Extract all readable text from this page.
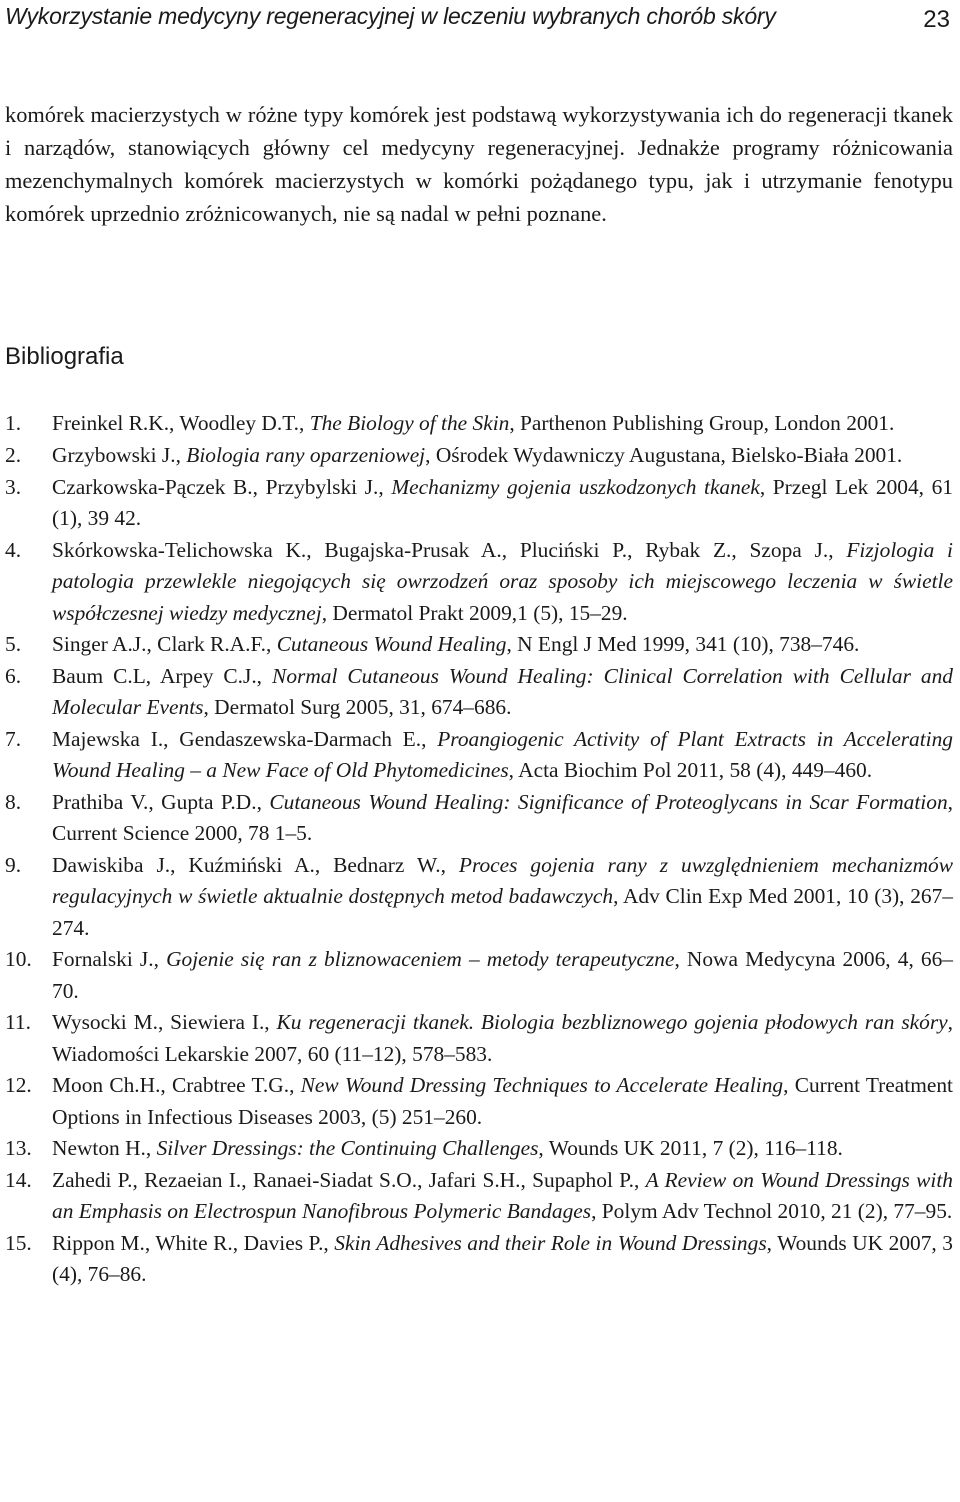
Wykorzystanie medycyny regeneracyjnej w leczeniu wybranych chorób skóry	23

komórek macierzystych w różne typy komórek jest podstawą wykorzystywania ich do regeneracji tkanek i narządów, stanowiących główny cel medycyny regeneracyjnej. Jednakże programy różnicowania mezenchymalnych komórek macierzystych w komórki pożądanego typu, jak i utrzymanie fenotypu komórek uprzednio zróżnicowanych, nie są nadal w pełni poznane.

Bibliografia
1. Freinkel R.K., Woodley D.T., The Biology of the Skin, Parthenon Publishing Group, London 2001.
2. Grzybowski J., Biologia rany oparzeniowej, Ośrodek Wydawniczy Augustana, Bielsko-Biała 2001.
3. Czarkowska-Pączek B., Przybylski J., Mechanizmy gojenia uszkodzonych tkanek, Przegl Lek 2004, 61 (1), 39 42.
4. Skórkowska-Telichowska K., Bugajska-Prusak A., Pluciński P., Rybak Z., Szopa J., Fizjologia i patologia przewlekle niegojących się owrzodzeń oraz sposoby ich miejscowego leczenia w świetle współczesnej wiedzy medycznej, Dermatol Prakt 2009,1 (5), 15–29.
5. Singer A.J., Clark R.A.F., Cutaneous Wound Healing, N Engl J Med 1999, 341 (10), 738–746.
6. Baum C.L, Arpey C.J., Normal Cutaneous Wound Healing: Clinical Correlation with Cellular and Molecular Events, Dermatol Surg 2005, 31, 674–686.
7. Majewska I., Gendaszewska-Darmach E., Proangiogenic Activity of Plant Extracts in Accelerating Wound Healing – a New Face of Old Phytomedicines, Acta Biochim Pol 2011, 58 (4), 449–460.
8. Prathiba V., Gupta P.D., Cutaneous Wound Healing: Significance of Proteoglycans in Scar Formation, Current Science 2000, 78 1–5.
9. Dawiskiba J., Kuźmiński A., Bednarz W., Proces gojenia rany z uwzględnieniem mechanizmów regulacyjnych w świetle aktualnie dostępnych metod badawczych, Adv Clin Exp Med 2001, 10 (3), 267–274.
10. Fornalski J., Gojenie się ran z bliznowaceniem – metody terapeutyczne, Nowa Medycyna 2006, 4, 66–70.
11. Wysocki M., Siewiera I., Ku regeneracji tkanek. Biologia bezbliznowego gojenia płodowych ran skóry, Wiadomości Lekarskie 2007, 60 (11–12), 578–583.
12. Moon Ch.H., Crabtree T.G., New Wound Dressing Techniques to Accelerate Healing, Current Treatment Options in Infectious Diseases 2003, (5) 251–260.
13. Newton H., Silver Dressings: the Continuing Challenges, Wounds UK 2011, 7 (2), 116–118.
14. Zahedi P., Rezaeian I., Ranaei-Siadat S.O., Jafari S.H., Supaphol P., A Review on Wound Dressings with an Emphasis on Electrospun Nanofibrous Polymeric Bandages, Polym Adv Technol 2010, 21 (2), 77–95.
15. Rippon M., White R., Davies P., Skin Adhesives and their Role in Wound Dressings, Wounds UK 2007, 3 (4), 76–86.
